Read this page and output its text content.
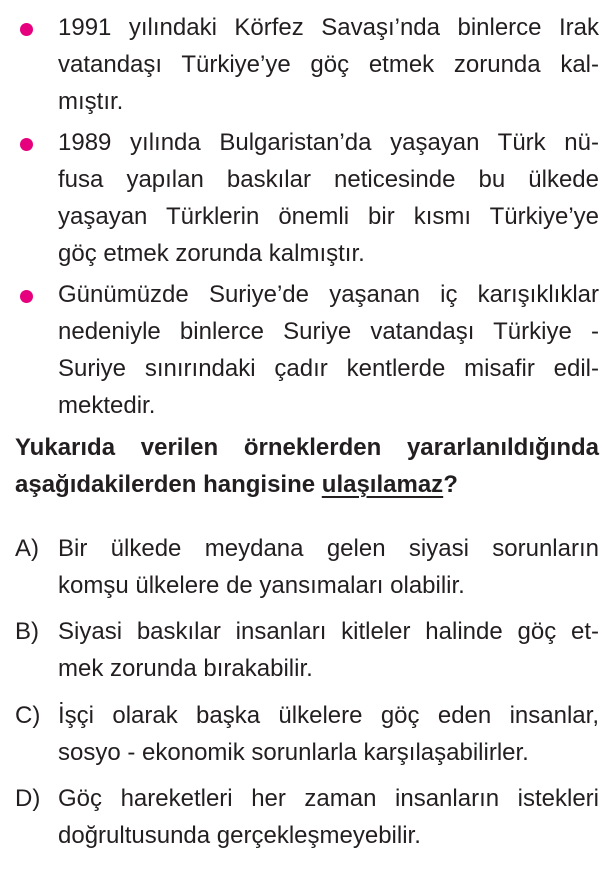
1991 yılındaki Körfez Savaşı’nda binlerce Irak
vatandaşı Türkiye’ye göç etmek zorunda kal-
mıştır.
1989 yılında Bulgaristan’da yaşayan Türk nü-
fusa yapılan baskılar neticesinde bu ülkede
yaşayan Türklerin önemli bir kısmı Türkiye’ye
göç etmek zorunda kalmıştır.
Günümüzde Suriye’de yaşanan iç karışıklıklar
nedeniyle binlerce Suriye vatandaşı Türkiye -
Suriye sınırındaki çadır kentlerde misafir edil-
mektedir.
Yukarıda verilen örneklerden yararlanıldığında
aşağıdakilerden hangisine ulaşılamaz?
A) Bir ülkede meydana gelen siyasi sorunların
komşu ülkelere de yansımaları olabilir.
B) Siyasi baskılar insanları kitleler halinde göç et-
mek zorunda bırakabilir.
C) İşçi olarak başka ülkelere göç eden insanlar,
sosyo - ekonomik sorunlarla karşılaşabilirler.
D) Göç hareketleri her zaman insanların istekleri
doğrultusunda gerçekleşmeyebilir.
